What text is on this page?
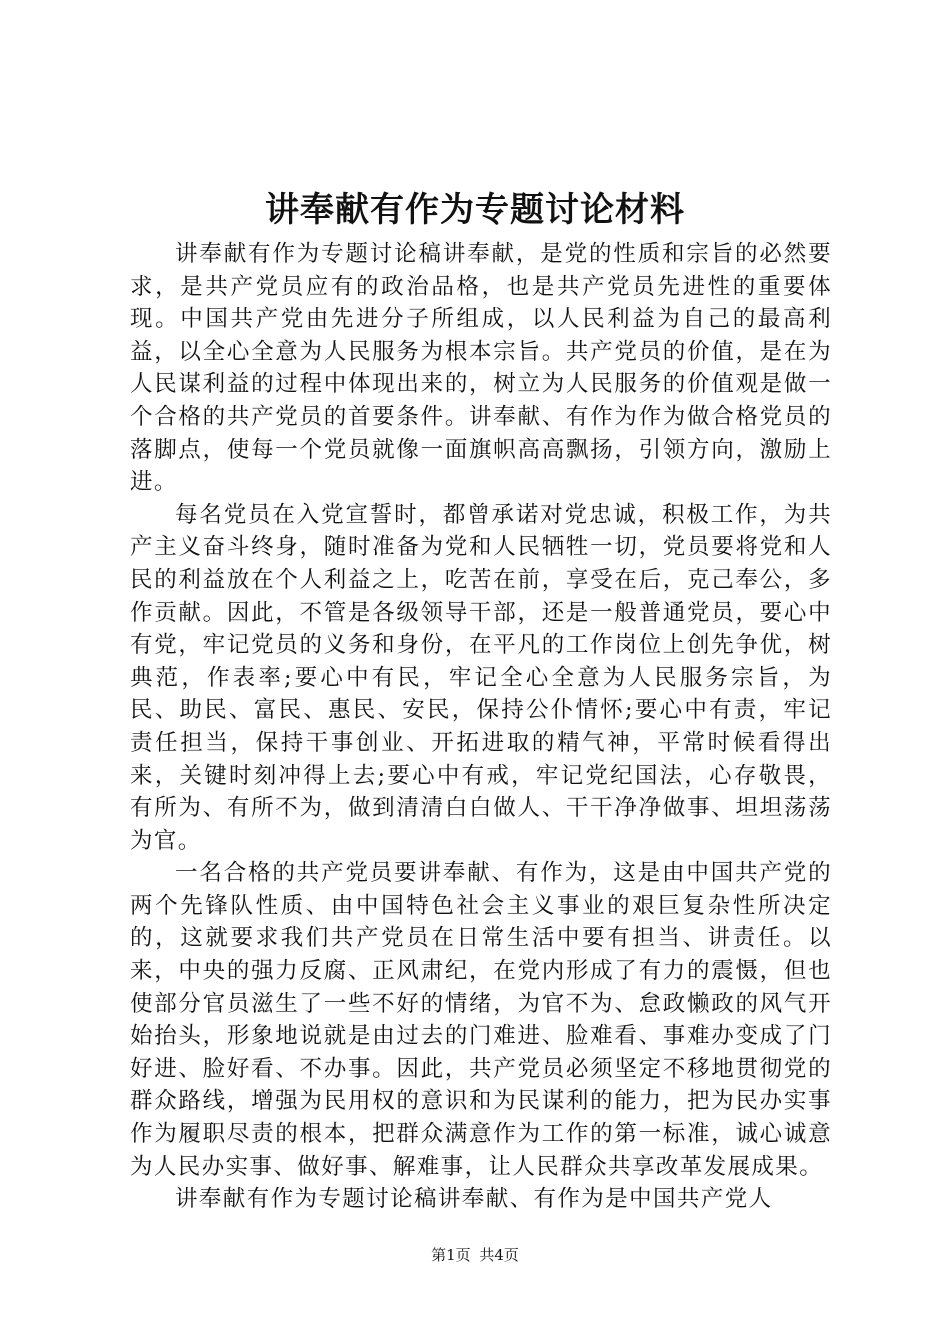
讲奉献有作为专题讨论材料

讲奉献有作为专题讨论稿讲奉献，是党的性质和宗旨的必然要求，是共产党员应有的政治品格，也是共产党员先进性的重要体现。中国共产党由先进分子所组成，以人民利益为自己的最高利益，以全心全意为人民服务为根本宗旨。共产党员的价值，是在为人民谋利益的过程中体现出来的，树立为人民服务的价值观是做一个合格的共产党员的首要条件。讲奉献、有作为作为做合格党员的落脚点，使每一个党员就像一面旗帜高高飘扬，引领方向，激励上进。

每名党员在入党宣誓时，都曾承诺对党忠诚，积极工作，为共产主义奋斗终身，随时准备为党和人民牺牲一切，党员要将党和人民的利益放在个人利益之上，吃苦在前，享受在后，克己奉公，多作贡献。因此，不管是各级领导干部，还是一般普通党员，要心中有党，牢记党员的义务和身份，在平凡的工作岗位上创先争优，树典范，作表率;要心中有民，牢记全心全意为人民服务宗旨，为民、助民、富民、惠民、安民，保持公仆情怀;要心中有责，牢记责任担当，保持干事创业、开拓进取的精气神，平常时候看得出来，关键时刻冲得上去;要心中有戒，牢记党纪国法，心存敬畏，有所为、有所不为，做到清清白白做人、干干净净做事、坦坦荡荡为官。

一名合格的共产党员要讲奉献、有作为，这是由中国共产党的两个先锋队性质、由中国特色社会主义事业的艰巨复杂性所决定的，这就要求我们共产党员在日常生活中要有担当、讲责任。以来，中央的强力反腐、正风肃纪，在党内形成了有力的震慑，但也使部分官员滋生了一些不好的情绪，为官不为、怠政懒政的风气开始抬头，形象地说就是由过去的门难进、脸难看、事难办变成了门好进、脸好看、不办事。因此，共产党员必须坚定不移地贯彻党的群众路线，增强为民用权的意识和为民谋利的能力，把为民办实事作为履职尽责的根本，把群众满意作为工作的第一标准，诚心诚意为人民办实事、做好事、解难事，让人民群众共享改革发展成果。

讲奉献有作为专题讨论稿讲奉献、有作为是中国共产党人

第1页 共4页
